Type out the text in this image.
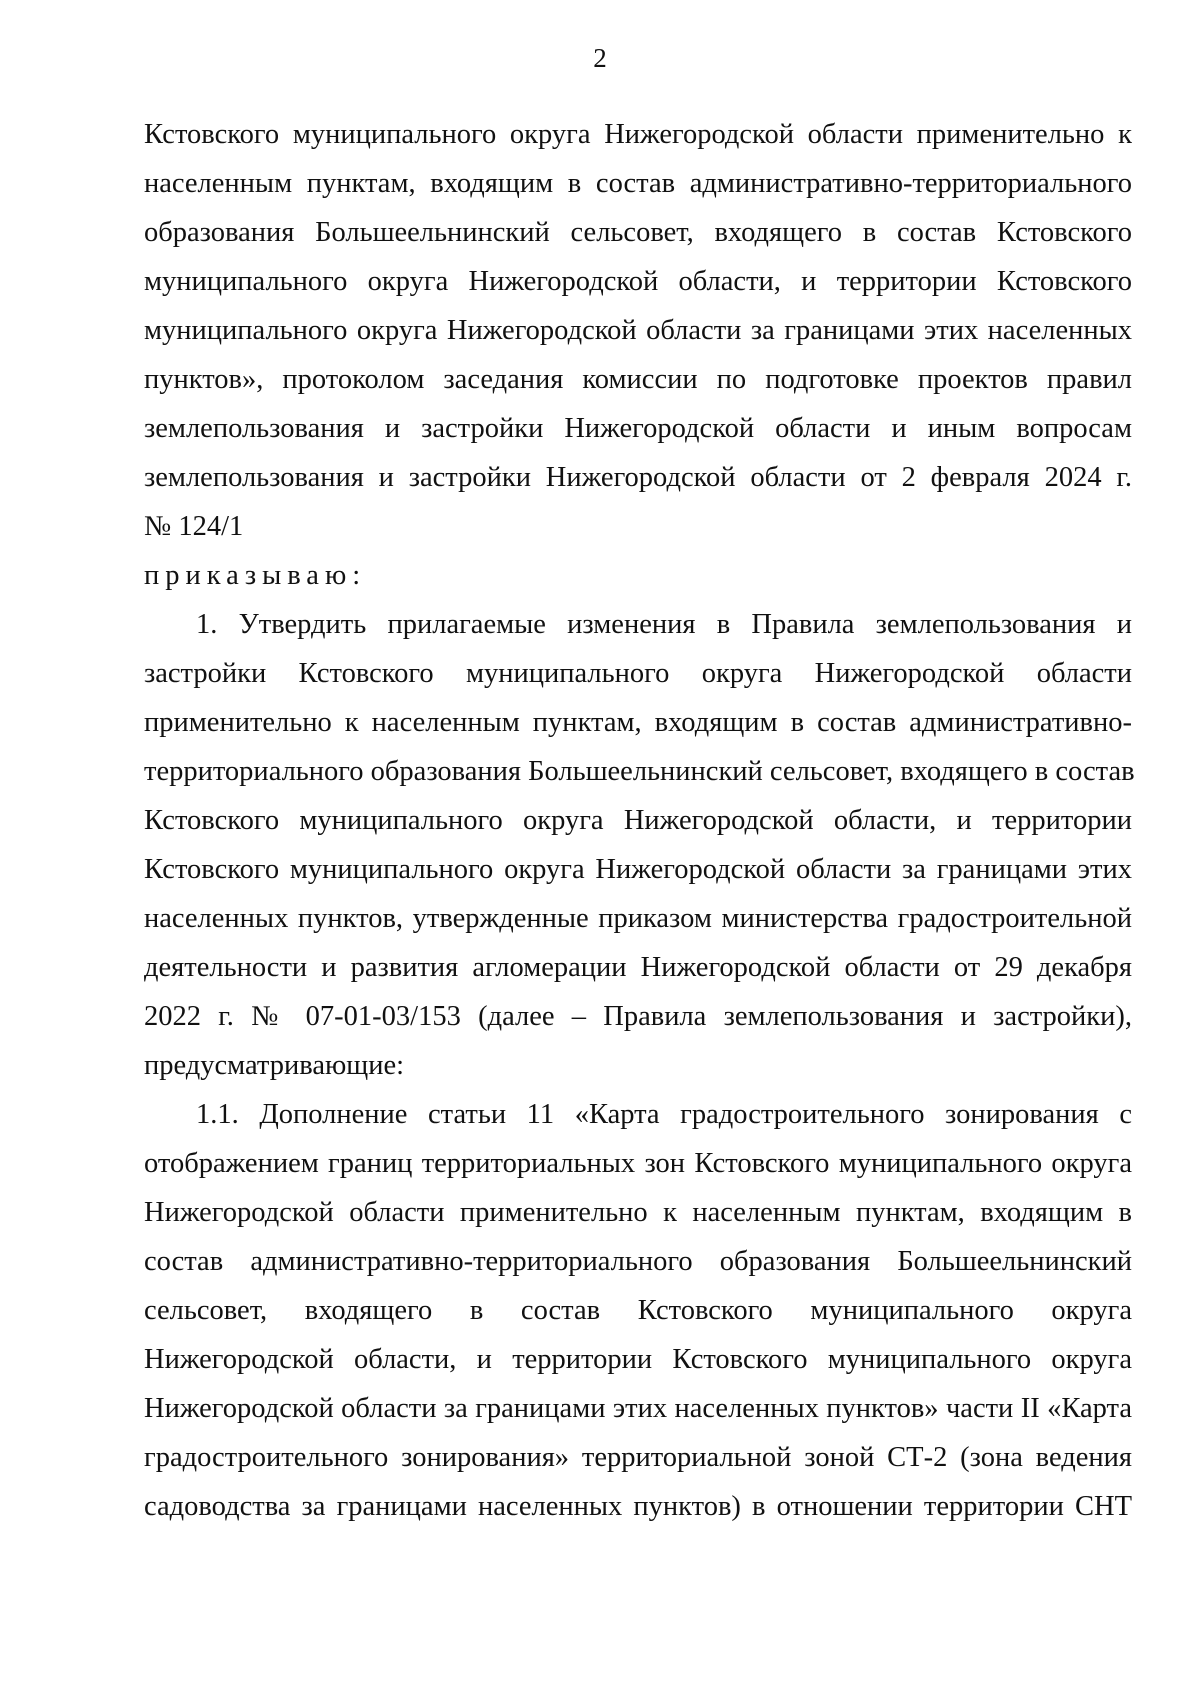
2
Кстовского муниципального округа Нижегородской области применительно к
населенным пунктам, входящим в состав административно-территориального
образования Большеельнинский сельсовет, входящего в состав Кстовского
муниципального округа Нижегородской области, и территории Кстовского
муниципального округа Нижегородской области за границами этих населенных
пунктов», протоколом заседания комиссии по подготовке проектов правил
землепользования и застройки Нижегородской области и иным вопросам
землепользования и застройки Нижегородской области от 2 февраля 2024 г.
№ 124/1
приказываю:
1. Утвердить прилагаемые изменения в Правила землепользования и
застройки Кстовского муниципального округа Нижегородской области
применительно к населенным пунктам, входящим в состав административно-
территориального образования Большеельнинский сельсовет, входящего в состав
Кстовского муниципального округа Нижегородской области, и территории
Кстовского муниципального округа Нижегородской области за границами этих
населенных пунктов, утвержденные приказом министерства градостроительной
деятельности и развития агломерации Нижегородской области от 29 декабря
2022 г. № 07-01-03/153 (далее – Правила землепользования и застройки),
предусматривающие:
1.1. Дополнение статьи 11 «Карта градостроительного зонирования с
отображением границ территориальных зон Кстовского муниципального округа
Нижегородской области применительно к населенным пунктам, входящим в
состав административно-территориального образования Большеельнинский
сельсовет, входящего в состав Кстовского муниципального округа
Нижегородской области, и территории Кстовского муниципального округа
Нижегородской области за границами этих населенных пунктов» части II «Карта
градостроительного зонирования» территориальной зоной СТ-2 (зона ведения
садоводства за границами населенных пунктов) в отношении территории СНТ
